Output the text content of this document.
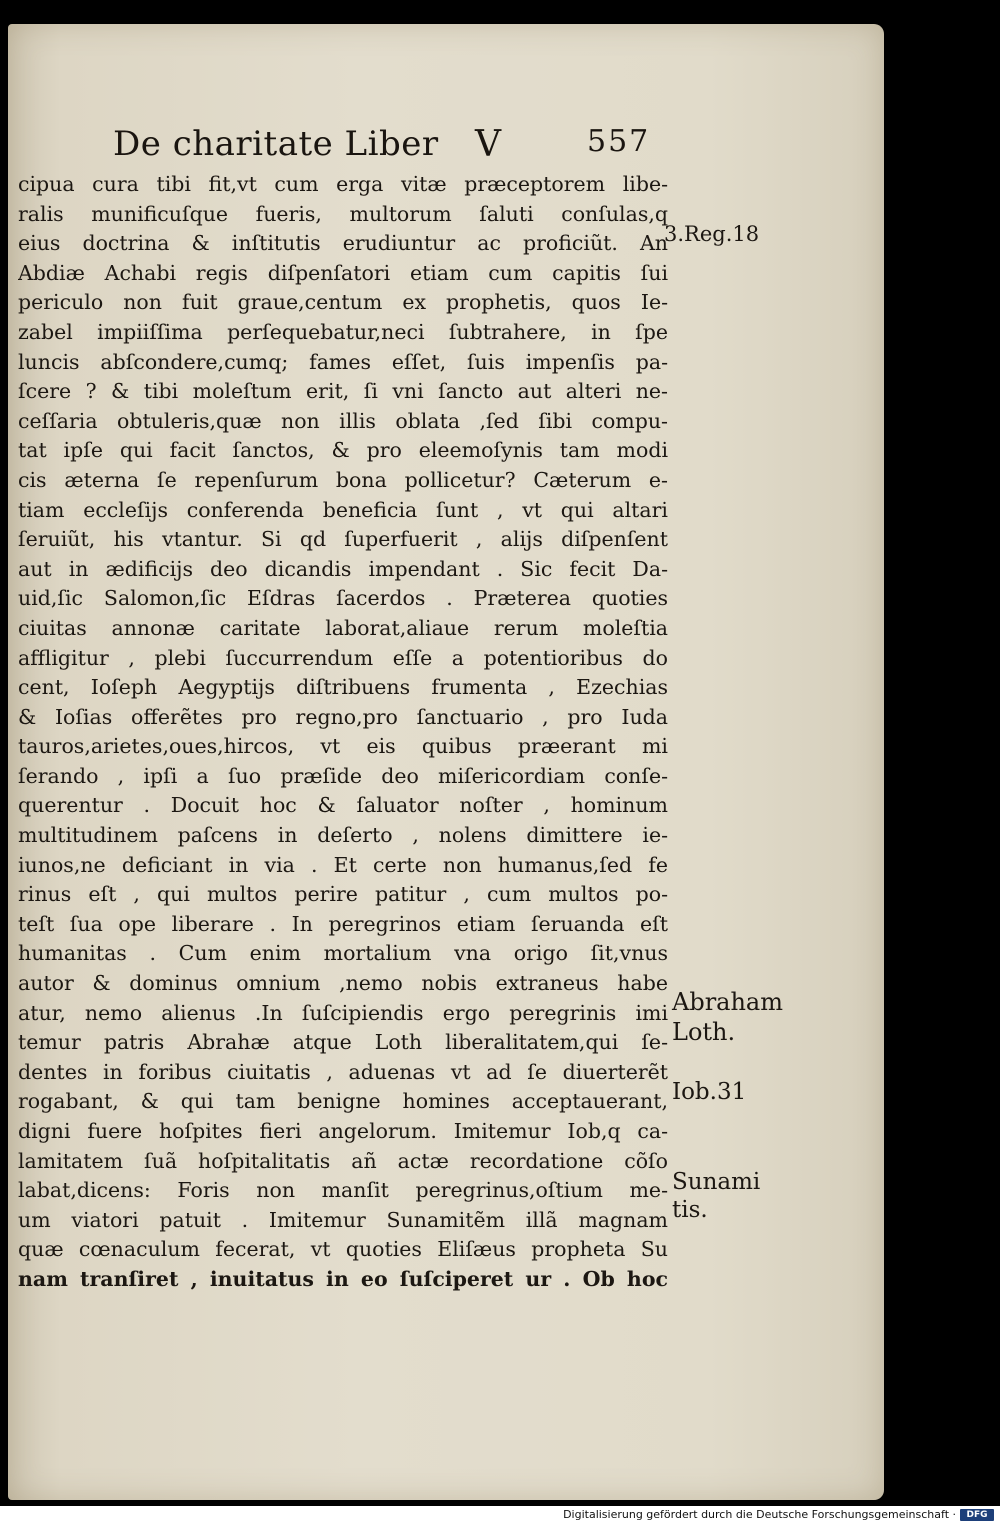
De charitate Liber V	557
cipua cura tibi fit,vt cum erga vitæ præceptorem libe-
ralis munificuſque fueris, multorum ſaluti conſulas,q
eius doctrina & inſtitutis erudiuntur ac proficiũt. An
Abdiæ Achabi regis diſpenſatori etiam cum capitis ſui
periculo non fuit graue,centum ex prophetis, quos Ie-
zabel impiiſſima perſequebatur,neci ſubtrahere, in ſpe
luncis abſcondere,cumq; fames eſſet, ſuis impenſis pa-
ſcere ? & tibi moleſtum erit, ſi vni ſancto aut alteri ne-
ceſſaria obtuleris,quæ non illis oblata ,ſed ſibi compu-
tat ipſe qui facit ſanctos, & pro eleemoſynis tam modi
cis æterna ſe repenſurum bona pollicetur? Cæterum e-
tiam eccleſijs conferenda beneficia ſunt , vt qui altari
ſeruiũt, his vtantur. Si qd ſuperfuerit , alijs diſpenſent
aut in ædificijs deo dicandis impendant . Sic fecit Da-
uid,ſic Salomon,ſic Eſdras ſacerdos . Præterea quoties
ciuitas annonæ caritate laborat,aliaue rerum moleſtia
affligitur , plebi ſuccurrendum eſſe a potentioribus do
cent, Ioſeph Aegyptijs diſtribuens frumenta , Ezechias
& Ioſias offerẽtes pro regno,pro ſanctuario , pro Iuda
tauros,arietes,oues,hircos, vt eis quibus præerant mi
ſerando , ipſi a ſuo præſide deo miſericordiam conſe-
querentur . Docuit hoc & ſaluator noſter , hominum
multitudinem paſcens in deſerto , nolens dimittere ie-
iunos,ne deficiant in via . Et certe non humanus,ſed fe
rinus eſt , qui multos perire patitur , cum multos po-
teſt ſua ope liberare . In peregrinos etiam ſeruanda eſt
humanitas . Cum enim mortalium vna origo ſit,vnus
autor & dominus omnium ,nemo nobis extraneus habe
atur, nemo alienus .In ſuſcipiendis ergo peregrinis imi
temur patris Abrahæ atque Loth liberalitatem,qui ſe-
dentes in foribus ciuitatis , aduenas vt ad ſe diuerterẽt
rogabant, & qui tam benigne homines acceptauerant,
digni fuere hoſpites fieri angelorum. Imitemur Iob,q ca-
lamitatem ſuã hoſpitalitatis añ actæ recordatione cõſo
labat,dicens: Foris non manſit peregrinus,oſtium me-
um viatori patuit . Imitemur Sunamitẽm illã magnam
quæ cœnaculum fecerat, vt quoties Eliſæus propheta Su
nam tranſiret , inuitatus in eo ſuſciperet ur . Ob hoc
3.Reg.18
Abraham
Loth.
Iob.31
Sunami
tis.
Digitalisierung gefördert durch die Deutsche Forschungsgemeinschaft ·	DFG
